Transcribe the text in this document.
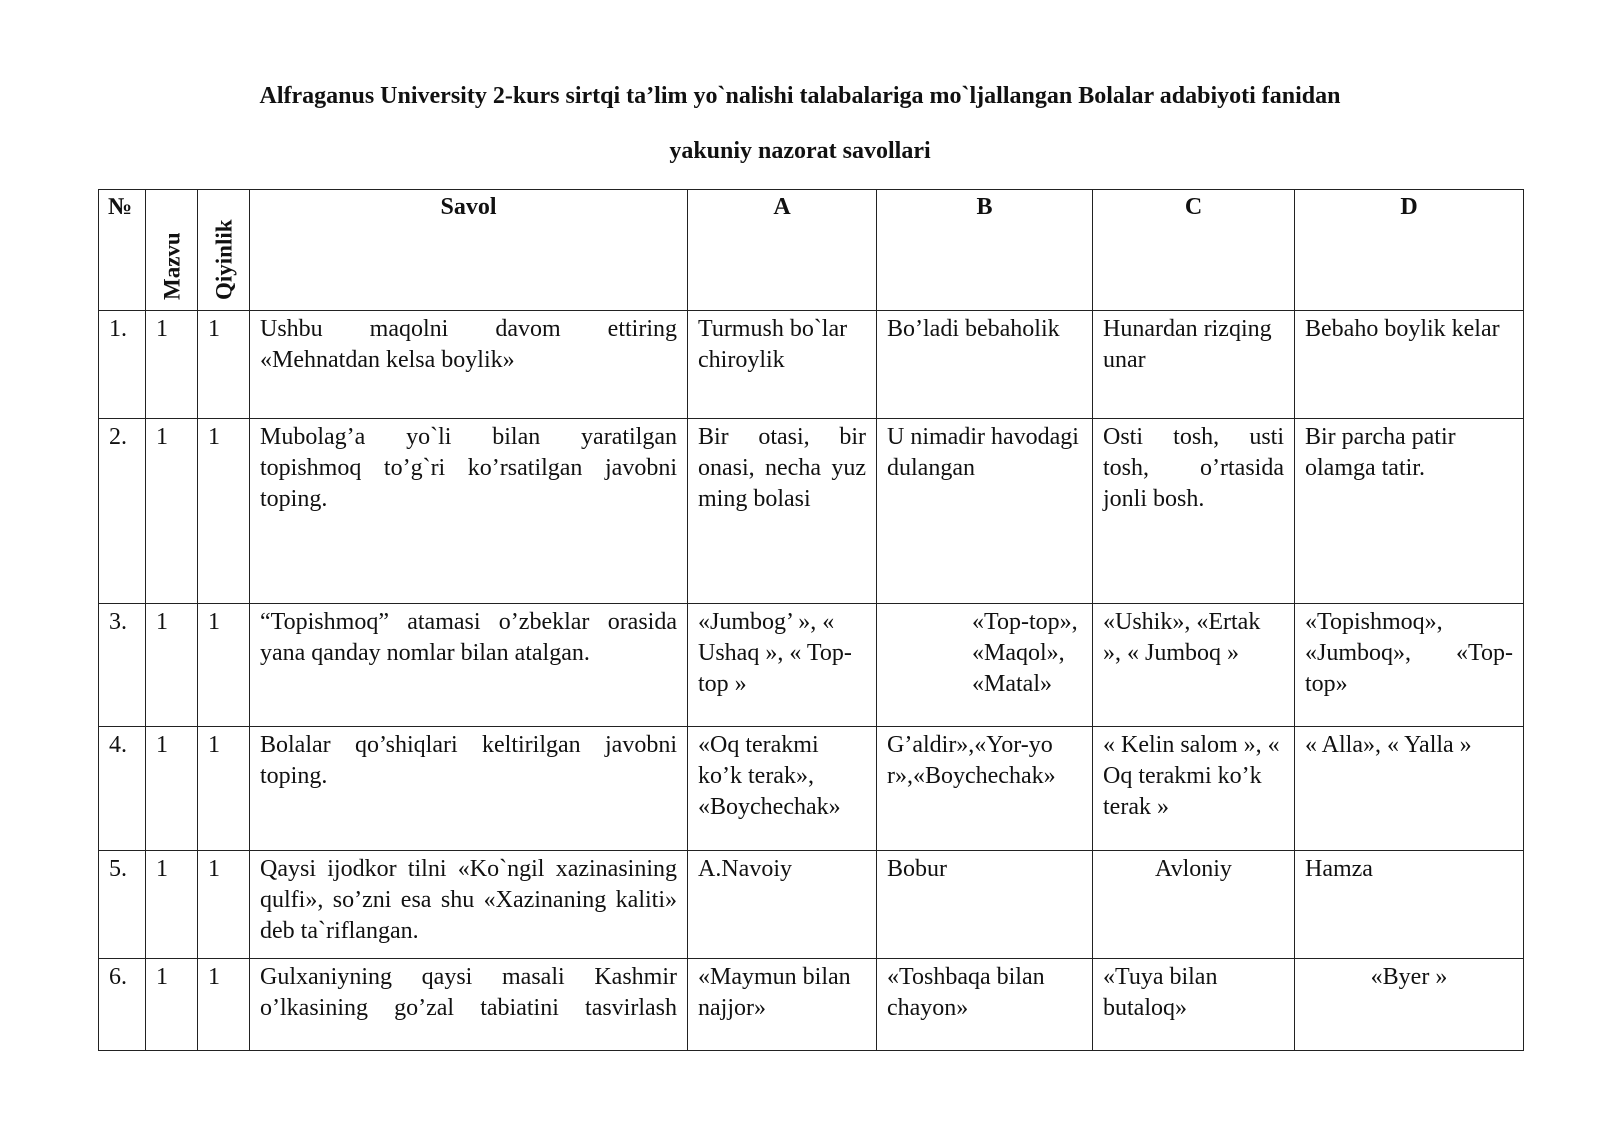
Alfraganus University 2-kurs sirtqi ta’lim yo`nalishi talabalariga mo`ljallangan Bolalar adabiyoti fanidan
yakuniy nazorat savollari
№	Mazvu	Qiyinlik	Savol	A	B	C	D
1.	1	1	Ushbu maqolni davom ettiring «Mehnatdan kelsa boylik»	Turmush bo`lar chiroylik	Bo’ladi bebaholik	Hunardan rizqing unar	Bebaho boylik kelar
2.	1	1	Mubolag’a yo`li bilan yaratilgan topishmoq to’g`ri ko’rsatilgan javobni toping.	Bir otasi, bir onasi, necha yuz ming bolasi	U nimadir havodagi dulangan	Osti tosh, usti tosh, o’rtasida jonli bosh.	Bir parcha patir olamga tatir.
3.	1	1	“Topishmoq” atamasi o’zbeklar orasida yana qanday nomlar bilan atalgan.	«Jumbog’ », « Ushaq », « Top-top »	«Top-top», «Maqol», «Matal»	«Ushik», «Ertak », « Jumboq »	«Topishmoq», «Jumboq», «Top-top»
4.	1	1	Bolalar qo’shiqlari keltirilgan javobni toping.	«Oq terakmi ko’k terak», «Boychechak»	G’aldir»,«Yor-yor»,«Boychechak»	« Kelin salom », « Oq terakmi ko’k terak »	« Alla», « Yalla »
5.	1	1	Qaysi ijodkor tilni «Ko`ngil xazinasining qulfi», so’zni esa shu «Xazinaning kaliti» deb ta`riflangan.	A.Navoiy	Bobur	Avloniy	Hamza
6.	1	1	Gulxaniyning qaysi masali Kashmir o’lkasining go’zal tabiatini tasvirlash	«Maymun bilan najjor»	«Toshbaqa bilan chayon»	«Tuya bilan butaloq»	«Byer »
